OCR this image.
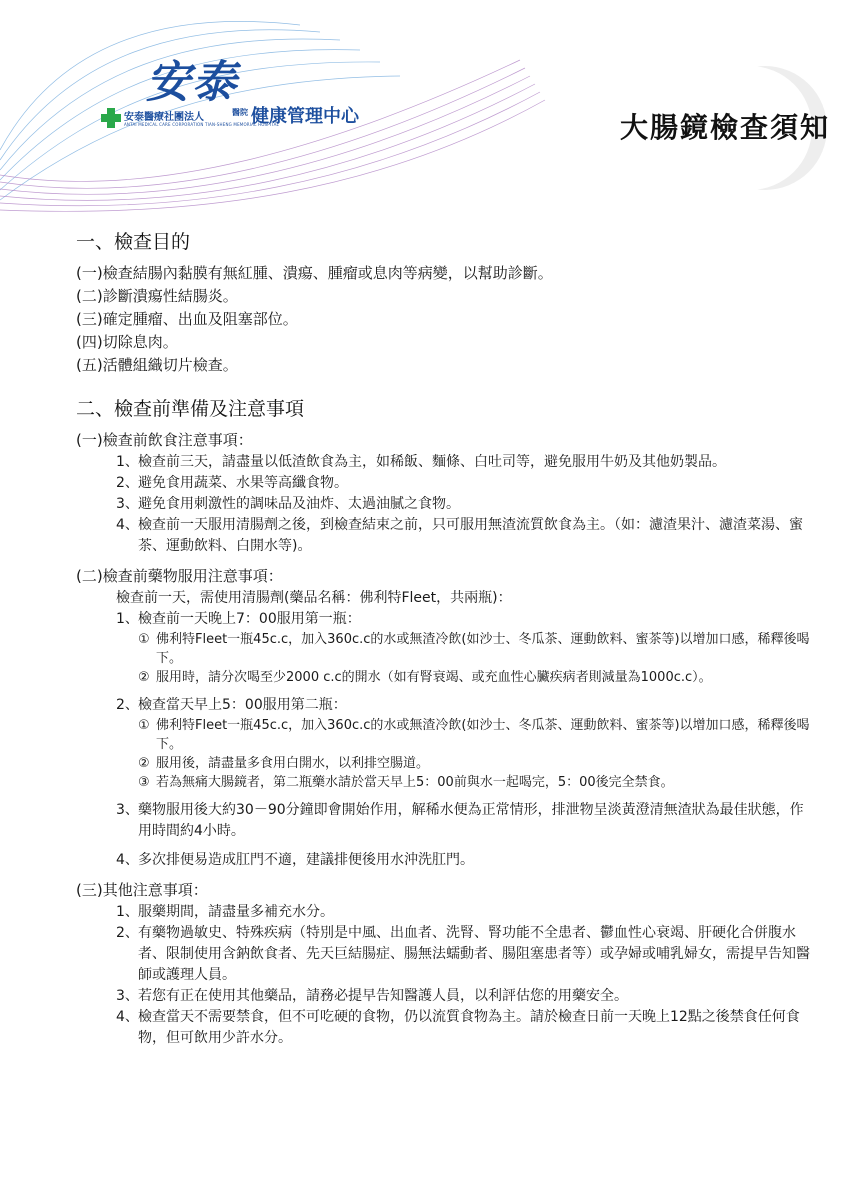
安泰
安泰醫療社團法人
ANTAI MEDICAL CARE CORPORATION TIAN-SHENG MEMORIAL HOSPITAL
醫院 健康管理中心	大腸鏡檢查須知
一、檢查目的

(一)檢查結腸內黏膜有無紅腫、潰瘍、腫瘤或息肉等病變，以幫助診斷。

(二)診斷潰瘍性結腸炎。

(三)確定腫瘤、出血及阻塞部位。

(四)切除息肉。

(五)活體組織切片檢查。

二、檢查前準備及注意事項

(一)檢查前飲食注意事項：

1、 檢查前三天，請盡量以低渣飲食為主，如稀飯、麵條、白吐司等，避免服用牛奶及其他奶製品。
2、 避免食用蔬菜、水果等高纖食物。
3、 避免食用刺激性的調味品及油炸、太過油膩之食物。
4、 檢查前一天服用清腸劑之後，到檢查結束之前，只可服用無渣流質飲食為主。（如：濾渣果汁、濾渣菜湯、蜜茶、運動飲料、白開水等)。

(二)檢查前藥物服用注意事項：

檢查前一天，需使用清腸劑(藥品名稱：佛利特Fleet，共兩瓶)：
1、 檢查前一天晚上7：00服用第一瓶：
① 佛利特Fleet一瓶45c.c，加入360c.c的水或無渣冷飲(如沙士、冬瓜茶、運動飲料、蜜茶等)以增加口感，稀釋後喝下。
② 服用時，請分次喝至少2000 c.c的開水（如有腎衰竭、或充血性心臟疾病者則減量為1000c.c）。
2、 檢查當天早上5：00服用第二瓶：
① 佛利特Fleet一瓶45c.c，加入360c.c的水或無渣冷飲(如沙士、冬瓜茶、運動飲料、蜜茶等)以增加口感，稀釋後喝下。
② 服用後，請盡量多食用白開水，以利排空腸道。
③ 若為無痛大腸鏡者，第二瓶藥水請於當天早上5：00前與水一起喝完，5：00後完全禁食。
3、 藥物服用後大約30－90分鐘即會開始作用，解稀水便為正常情形，排泄物呈淡黃澄清無渣狀為最佳狀態，作用時間約4小時。
4、 多次排便易造成肛門不適，建議排便後用水沖洗肛門。

(三)其他注意事項：

1、 服藥期間，請盡量多補充水分。
2、 有藥物過敏史、特殊疾病（特別是中風、出血者、洗腎、腎功能不全患者、鬱血性心衰竭、肝硬化合併腹水者、限制使用含鈉飲食者、先天巨結腸症、腸無法蠕動者、腸阻塞患者等）或孕婦或哺乳婦女，需提早告知醫師或護理人員。
3、 若您有正在使用其他藥品，請務必提早告知醫護人員，以利評估您的用藥安全。
4、 檢查當天不需要禁食，但不可吃硬的食物，仍以流質食物為主。請於檢查日前一天晚上12點之後禁食任何食物，但可飲用少許水分。
